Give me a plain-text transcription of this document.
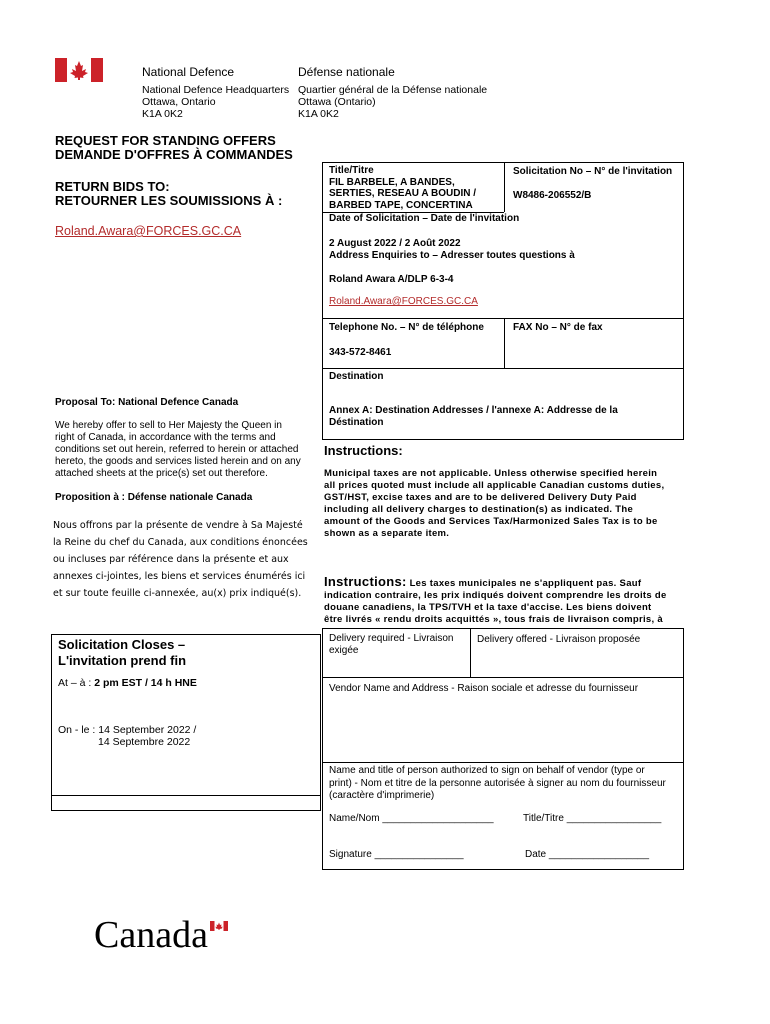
National Defence	Défense nationale
National Defence Headquarters
Ottawa, Ontario
K1A 0K2
Quartier général de la Défense nationale
Ottawa (Ontario)
K1A 0K2
REQUEST FOR STANDING OFFERS
DEMANDE D'OFFRES À COMMANDES
RETURN BIDS TO:
RETOURNER LES SOUMISSIONS À :
Roland.Awara@FORCES.GC.CA
Title/Titre
FIL BARBELE, A BANDES,
SERTIES, RESEAU A BOUDIN /
BARBED TAPE, CONCERTINA
Solicitation No – N° de l'invitation
W8486-206552/B
Date of Solicitation – Date de l'invitation
2 August 2022 / 2 Août 2022
Address Enquiries to – Adresser toutes questions à
Roland Awara A/DLP 6-3-4
Roland.Awara@FORCES.GC.CA
Telephone No. – N° de téléphone	FAX No – N° de fax
343-572-8461
Destination
Annex A: Destination Addresses / l'annexe A: Addresse de la
Déstination
Proposal To: National Defence Canada
We hereby offer to sell to Her Majesty the Queen in
right of Canada, in accordance with the terms and
conditions set out herein, referred to herein or attached
hereto, the goods and services listed herein and on any
attached sheets at the price(s) set out therefore.
Proposition à : Défense nationale Canada
Nous offrons par la présente de vendre à Sa Majesté
la Reine du chef du Canada, aux conditions énoncées
ou incluses par référence dans la présente et aux
annexes ci-jointes, les biens et services énumérés ici
et sur toute feuille ci-annexée, au(x) prix indiqué(s).
Instructions:
Municipal taxes are not applicable. Unless otherwise specified herein
all prices quoted must include all applicable Canadian customs duties,
GST/HST, excise taxes and are to be delivered Delivery Duty Paid
including all delivery charges to destination(s) as indicated. The
amount of the Goods and Services Tax/Harmonized Sales Tax is to be
shown as a separate item.
Instructions: Les taxes municipales ne s'appliquent pas. Sauf
indication contraire, les prix indiqués doivent comprendre les droits de
douane canadiens, la TPS/TVH et la taxe d'accise. Les biens doivent
être livrés « rendu droits acquittés », tous frais de livraison compris, à
Solicitation Closes –
L'invitation prend fin
At – à : 2 pm EST / 14 h HNE
On - le : 14 September 2022 /
14 Septembre 2022
Delivery required - Livraison
exigée
Delivery offered - Livraison proposée
Vendor Name and Address - Raison sociale et adresse du fournisseur
Name and title of person authorized to sign on behalf of vendor (type or
print) - Nom et titre de la personne autorisée à signer au nom du fournisseur
(caractère d'imprimerie)
Name/Nom ____________________	Title/Titre _________________
Signature ________________	Date __________________
Canada
